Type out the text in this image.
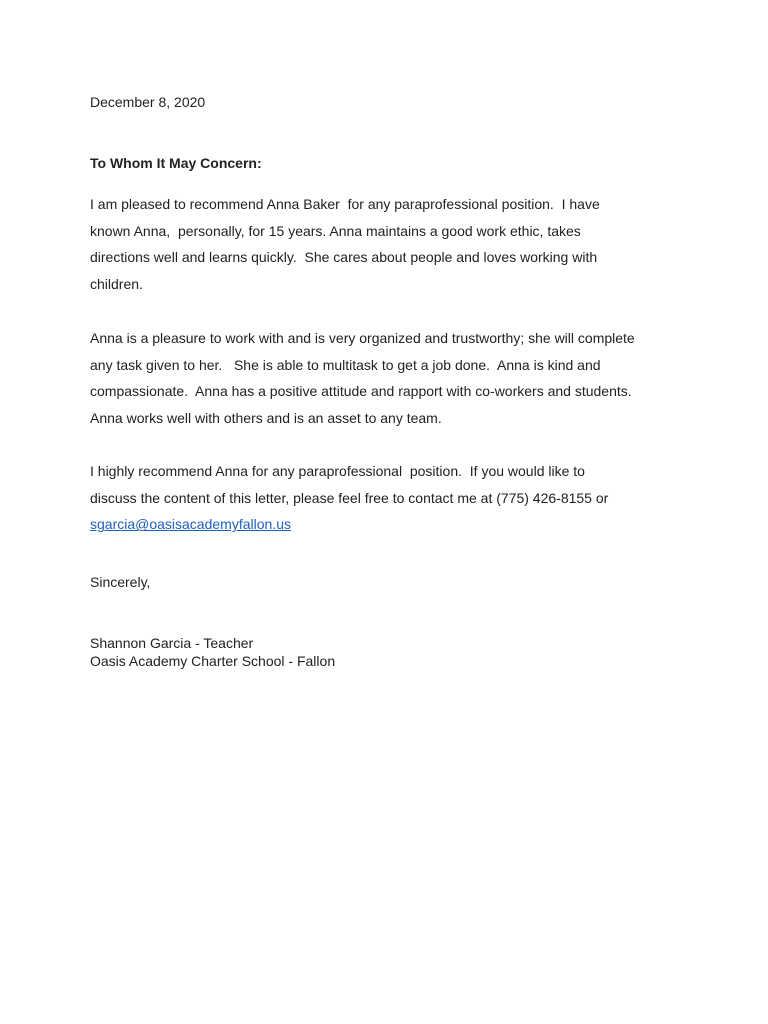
December 8, 2020
To Whom It May Concern:
I am pleased to recommend Anna Baker  for any paraprofessional position.  I have
known Anna,  personally, for 15 years. Anna maintains a good work ethic, takes
directions well and learns quickly.  She cares about people and loves working with
children.
Anna is a pleasure to work with and is very organized and trustworthy; she will complete
any task given to her.   She is able to multitask to get a job done.  Anna is kind and
compassionate.  Anna has a positive attitude and rapport with co-workers and students.
Anna works well with others and is an asset to any team.
I highly recommend Anna for any paraprofessional  position.  If you would like to
discuss the content of this letter, please feel free to contact me at (775) 426-8155 or
sgarcia@oasisacademyfallon.us
Sincerely,
Shannon Garcia - Teacher
Oasis Academy Charter School - Fallon
